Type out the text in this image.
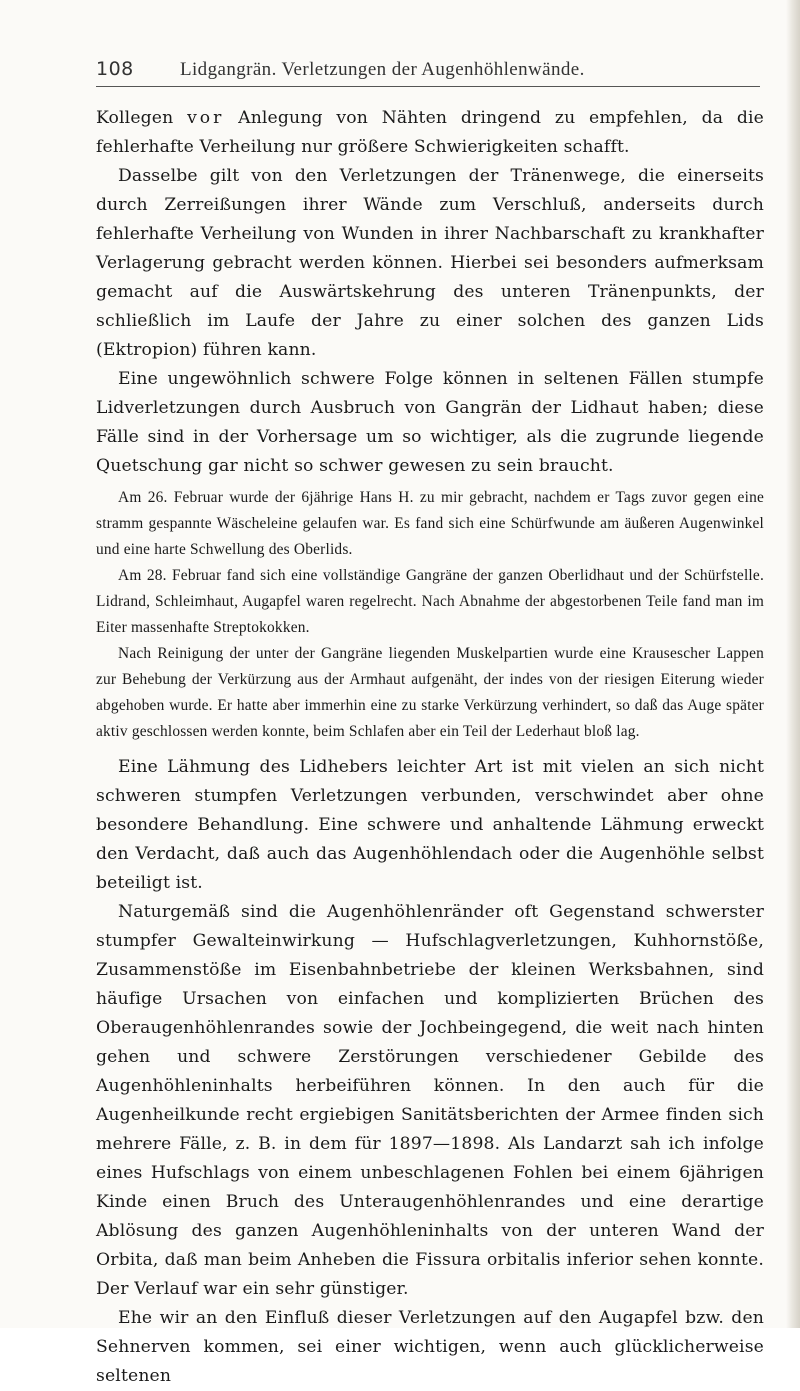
108 Lidgangrän. Verletzungen der Augenhöhlenwände.

Kollegen vor Anlegung von Nähten dringend zu empfehlen, da die fehlerhafte Verheilung nur größere Schwierigkeiten schafft.

Dasselbe gilt von den Verletzungen der Tränenwege, die einerseits durch Zerreißungen ihrer Wände zum Verschluß, anderseits durch fehlerhafte Verheilung von Wunden in ihrer Nachbarschaft zu krankhafter Verlagerung gebracht werden können. Hierbei sei besonders aufmerksam gemacht auf die Auswärtskehrung des unteren Tränenpunkts, der schließlich im Laufe der Jahre zu einer solchen des ganzen Lids (Ektropion) führen kann.

Eine ungewöhnlich schwere Folge können in seltenen Fällen stumpfe Lidverletzungen durch Ausbruch von Gangrän der Lidhaut haben; diese Fälle sind in der Vorhersage um so wichtiger, als die zugrunde liegende Quetschung gar nicht so schwer gewesen zu sein braucht.

Am 26. Februar wurde der 6jährige Hans H. zu mir gebracht, nachdem er Tags zuvor gegen eine stramm gespannte Wäscheleine gelaufen war. Es fand sich eine Schürfwunde am äußeren Augenwinkel und eine harte Schwellung des Oberlids.

Am 28. Februar fand sich eine vollständige Gangräne der ganzen Oberlidhaut und der Schürfstelle. Lidrand, Schleimhaut, Augapfel waren regelrecht. Nach Abnahme der abgestorbenen Teile fand man im Eiter massenhafte Streptokokken.

Nach Reinigung der unter der Gangräne liegenden Muskelpartien wurde eine Krausescher Lappen zur Behebung der Verkürzung aus der Armhaut aufgenäht, der indes von der riesigen Eiterung wieder abgehoben wurde. Er hatte aber immerhin eine zu starke Verkürzung verhindert, so daß das Auge später aktiv geschlossen werden konnte, beim Schlafen aber ein Teil der Lederhaut bloß lag.

Eine Lähmung des Lidhebers leichter Art ist mit vielen an sich nicht schweren stumpfen Verletzungen verbunden, verschwindet aber ohne besondere Behandlung. Eine schwere und anhaltende Lähmung erweckt den Verdacht, daß auch das Augenhöhlendach oder die Augenhöhle selbst beteiligt ist.

Naturgemäß sind die Augenhöhlenränder oft Gegenstand schwerster stumpfer Gewalteinwirkung — Hufschlagverletzungen, Kuhhornstöße, Zusammenstöße im Eisenbahnbetriebe der kleinen Werksbahnen, sind häufige Ursachen von einfachen und komplizierten Brüchen des Oberaugenhöhlenrandes sowie der Jochbeingegend, die weit nach hinten gehen und schwere Zerstörungen verschiedener Gebilde des Augenhöhleninhalts herbeiführen können. In den auch für die Augenheilkunde recht ergiebigen Sanitätsberichten der Armee finden sich mehrere Fälle, z. B. in dem für 1897—1898. Als Landarzt sah ich infolge eines Hufschlags von einem unbeschlagenen Fohlen bei einem 6jährigen Kinde einen Bruch des Unteraugenhöhlenrandes und eine derartige Ablösung des ganzen Augenhöhleninhalts von der unteren Wand der Orbita, daß man beim Anheben die Fissura orbitalis inferior sehen konnte. Der Verlauf war ein sehr günstiger.

Ehe wir an den Einfluß dieser Verletzungen auf den Augapfel bzw. den Sehnerven kommen, sei einer wichtigen, wenn auch glücklicherweise seltenen
